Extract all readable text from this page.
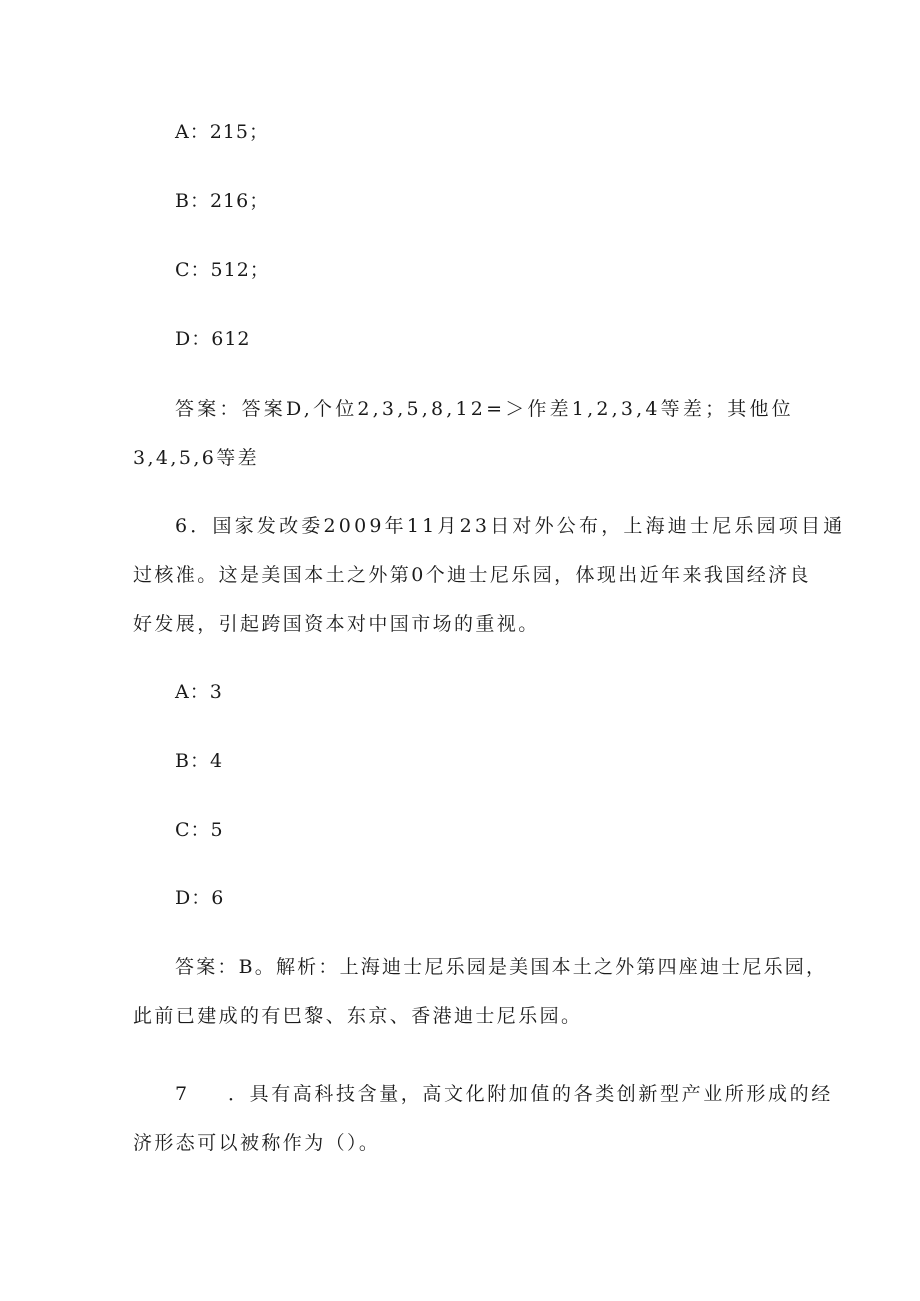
A：215；
B：216；
C：512；
D：612
答案：答案D,个位2,3,5,8,12=＞作差1,2,3,4等差；其他位
3,4,5,6等差
6．国家发改委2009年11月23日对外公布，上海迪士尼乐园项目通
过核准。这是美国本土之外第0个迪士尼乐园，体现出近年来我国经济良
好发展，引起跨国资本对中国市场的重视。
A：3
B：4
C：5
D：6
答案：B。解析：上海迪士尼乐园是美国本土之外第四座迪士尼乐园，
此前已建成的有巴黎、东京、香港迪士尼乐园。
7 ．具有高科技含量，高文化附加值的各类创新型产业所形成的经
济形态可以被称作为（）。
